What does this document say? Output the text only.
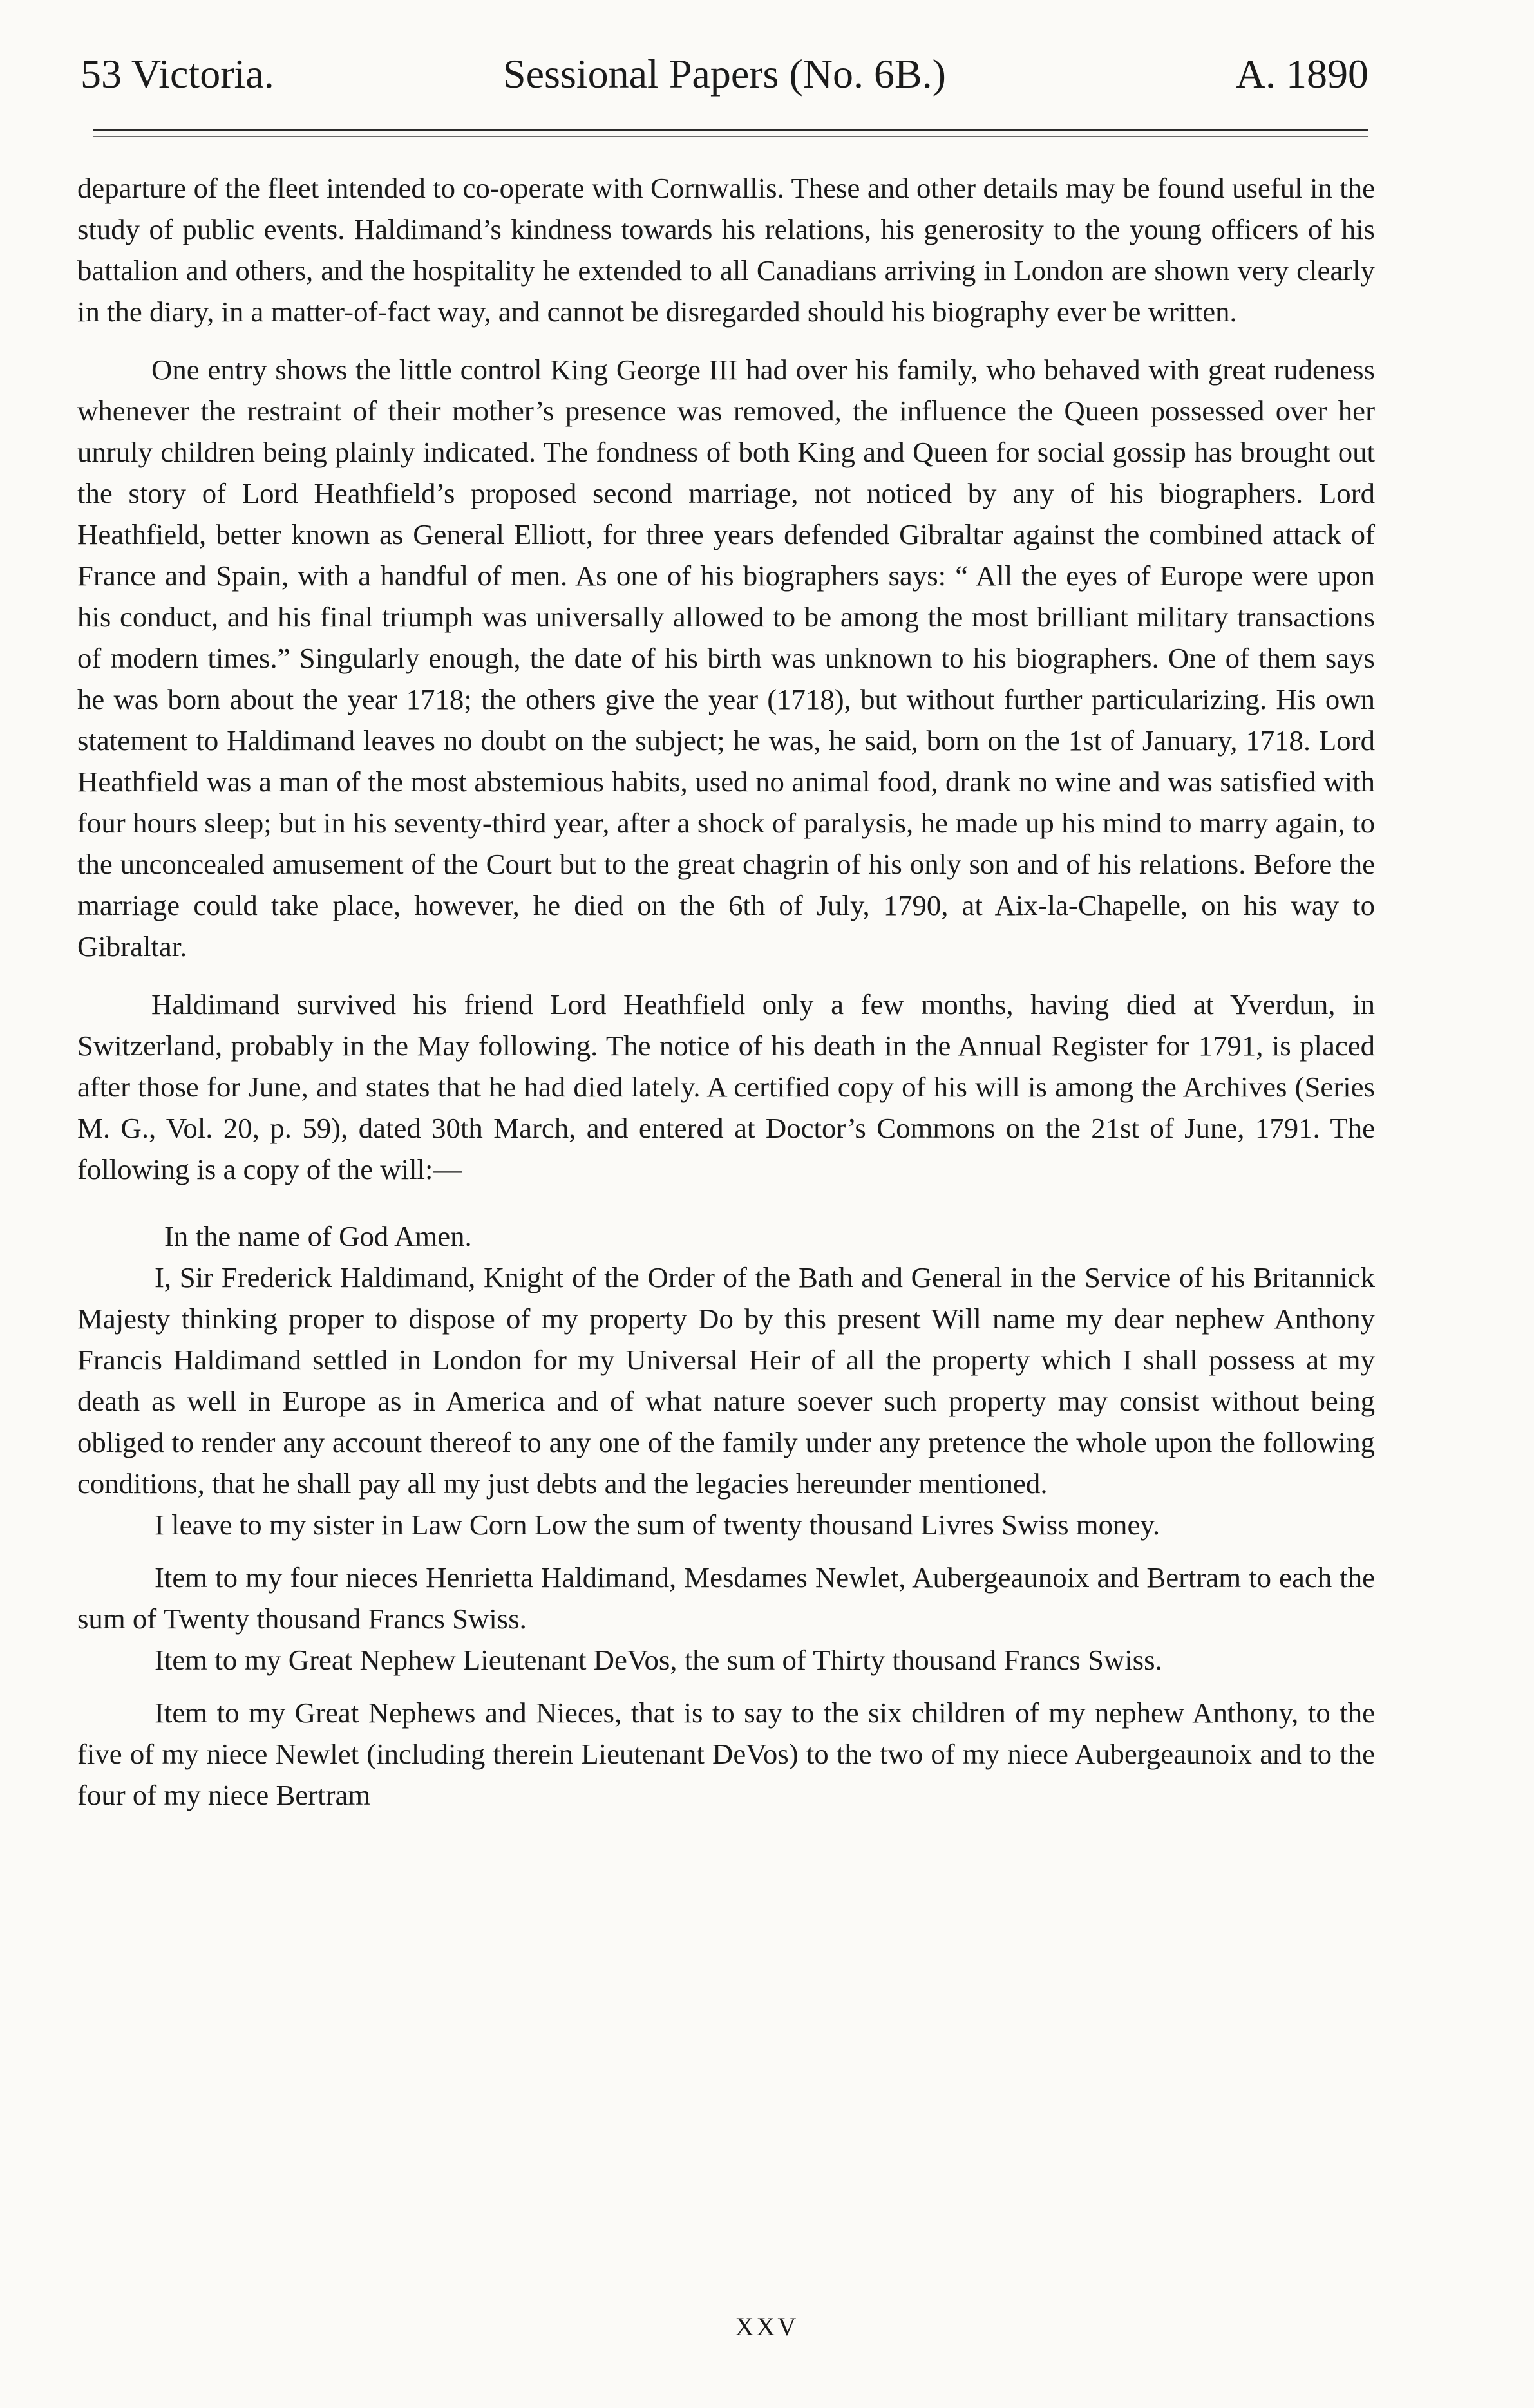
53 Victoria.	Sessional Papers (No. 6B.)	A. 1890

departure of the fleet intended to co-operate with Cornwallis. These and other details may be found useful in the study of public events. Haldimand’s kindness towards his relations, his generosity to the young officers of his battalion and others, and the hospitality he extended to all Canadians arriving in London are shown very clearly in the diary, in a matter-of-fact way, and cannot be disregarded should his biography ever be written.

One entry shows the little control King George III had over his family, who behaved with great rudeness whenever the restraint of their mother’s presence was removed, the influence the Queen possessed over her unruly children being plainly indicated. The fondness of both King and Queen for social gossip has brought out the story of Lord Heathfield’s proposed second marriage, not noticed by any of his biographers. Lord Heathfield, better known as General Elliott, for three years defended Gibraltar against the combined attack of France and Spain, with a handful of men. As one of his biographers says: “ All the eyes of Europe were upon his conduct, and his final triumph was universally allowed to be among the most brilliant military transactions of modern times.” Singularly enough, the date of his birth was unknown to his biographers. One of them says he was born about the year 1718; the others give the year (1718), but without further particularizing. His own statement to Haldimand leaves no doubt on the subject; he was, he said, born on the 1st of January, 1718. Lord Heathfield was a man of the most abstemious habits, used no animal food, drank no wine and was satisfied with four hours sleep; but in his seventy-third year, after a shock of paralysis, he made up his mind to marry again, to the unconcealed amusement of the Court but to the great chagrin of his only son and of his relations. Before the marriage could take place, however, he died on the 6th of July, 1790, at Aix-la-Chapelle, on his way to Gibraltar.

Haldimand survived his friend Lord Heathfield only a few months, having died at Yverdun, in Switzerland, probably in the May following. The notice of his death in the Annual Register for 1791, is placed after those for June, and states that he had died lately. A certified copy of his will is among the Archives (Series M. G., Vol. 20, p. 59), dated 30th March, and entered at Doctor’s Commons on the 21st of June, 1791. The following is a copy of the will:—

In the name of God Amen.

I, Sir Frederick Haldimand, Knight of the Order of the Bath and General in the Service of his Britannick Majesty thinking proper to dispose of my property Do by this present Will name my dear nephew Anthony Francis Haldimand settled in London for my Universal Heir of all the property which I shall possess at my death as well in Europe as in America and of what nature soever such property may consist without being obliged to render any account thereof to any one of the family under any pretence the whole upon the following conditions, that he shall pay all my just debts and the legacies hereunder mentioned.

I leave to my sister in Law Corn Low the sum of twenty thousand Livres Swiss money.

Item to my four nieces Henrietta Haldimand, Mesdames Newlet, Aubergeaunoix and Bertram to each the sum of Twenty thousand Francs Swiss.

Item to my Great Nephew Lieutenant DeVos, the sum of Thirty thousand Francs Swiss.

Item to my Great Nephews and Nieces, that is to say to the six children of my nephew Anthony, to the five of my niece Newlet (including therein Lieutenant DeVos) to the two of my niece Aubergeaunoix and to the four of my niece Bertram

XXV
